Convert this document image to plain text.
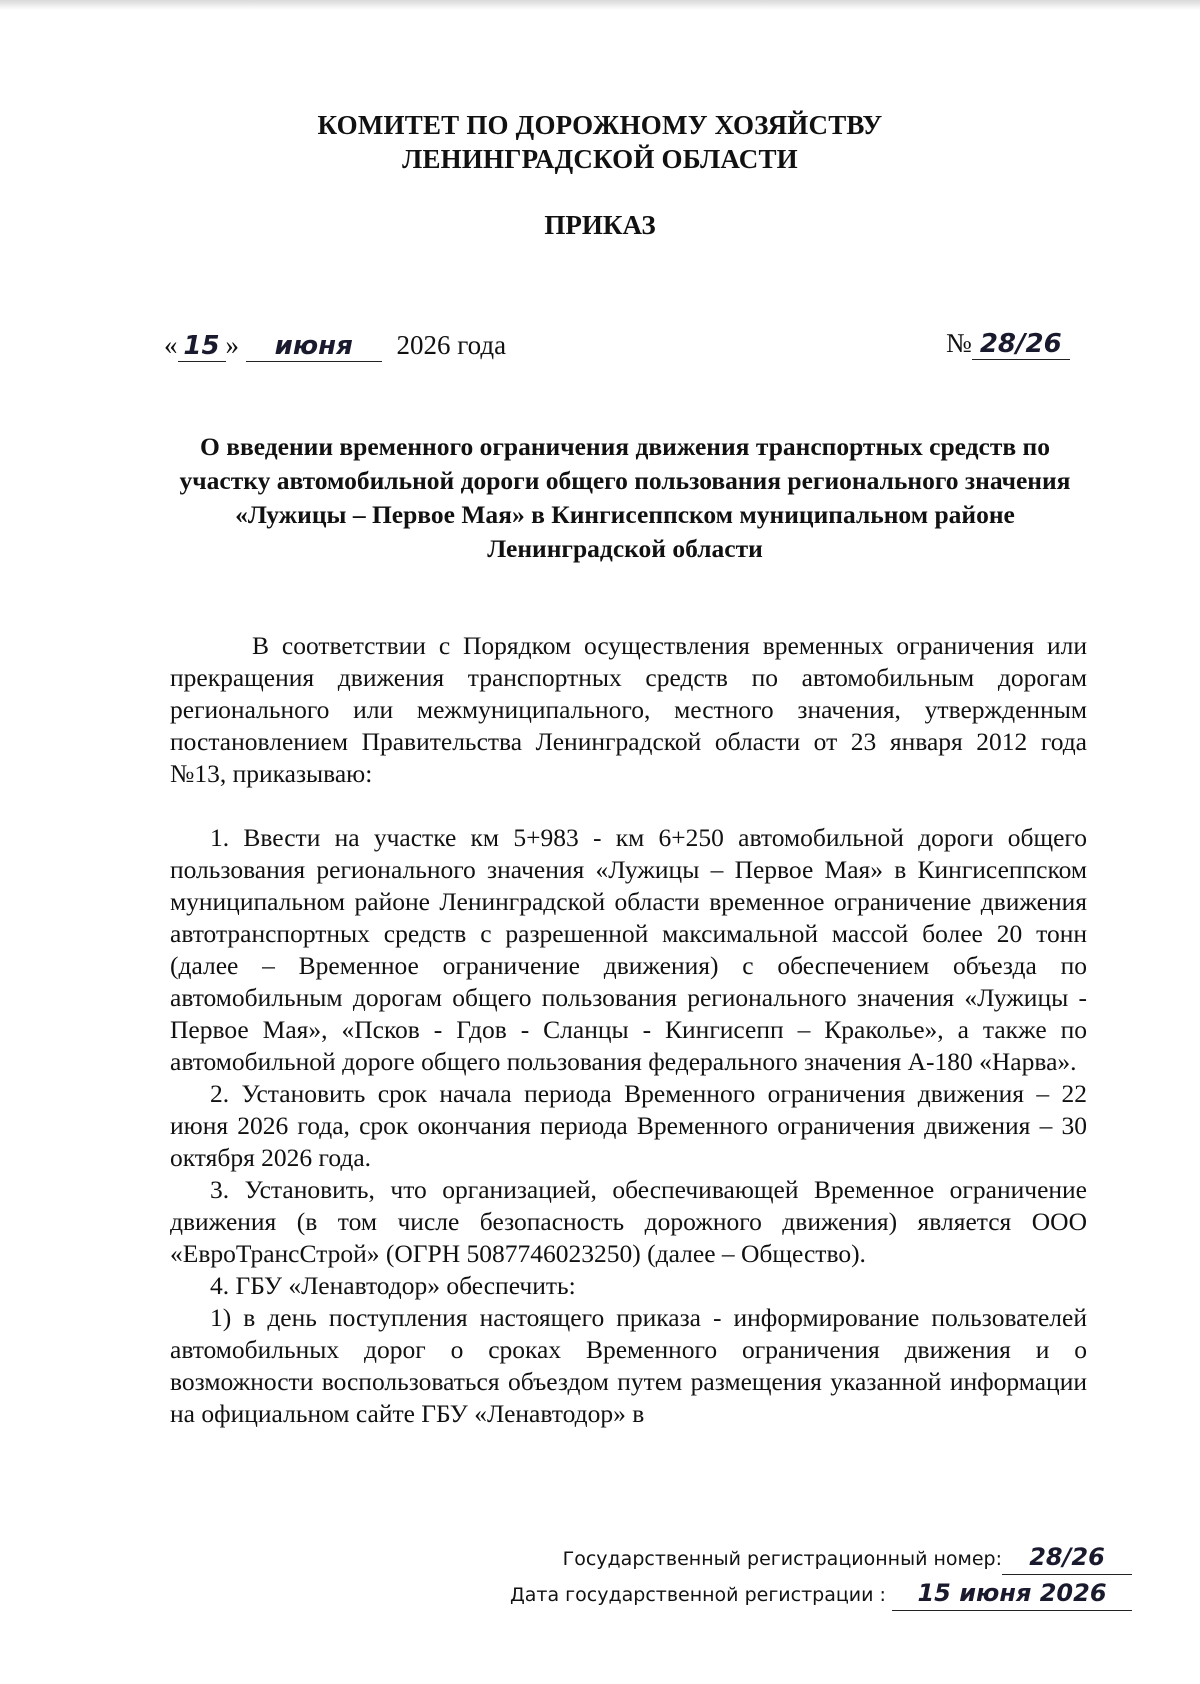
КОМИТЕТ ПО ДОРОЖНОМУ ХОЗЯЙСТВУ
ЛЕНИНГРАДСКОЙ ОБЛАСТИ
ПРИКАЗ
« 15 » июня 2026 года	№ 28/26
О введении временного ограничения движения транспортных средств по участку автомобильной дороги общего пользования регионального значения «Лужицы – Первое Мая» в Кингисеппском муниципальном районе Ленинградской области
В соответствии с Порядком осуществления временных ограничения или прекращения движения транспортных средств по автомобильным дорогам регионального или межмуниципального, местного значения, утвержденным постановлением Правительства Ленинградской области от 23 января 2012 года №13, приказываю:

1. Ввести на участке км 5+983 - км 6+250 автомобильной дороги общего пользования регионального значения «Лужицы – Первое Мая» в Кингисеппском муниципальном районе Ленинградской области временное ограничение движения автотранспортных средств с разрешенной максимальной массой более 20 тонн (далее – Временное ограничение движения) с обеспечением объезда по автомобильным дорогам общего пользования регионального значения «Лужицы - Первое Мая», «Псков - Гдов - Сланцы - Кингисепп – Краколье», а также по автомобильной дороге общего пользования федерального значения А-180 «Нарва».

2. Установить срок начала периода Временного ограничения движения – 22 июня 2026 года, срок окончания периода Временного ограничения движения – 30 октября 2026 года.

3. Установить, что организацией, обеспечивающей Временное ограничение движения (в том числе безопасность дорожного движения) является ООО «ЕвроТрансСтрой» (ОГРН 5087746023250) (далее – Общество).

4. ГБУ «Ленавтодор» обеспечить:

1) в день поступления настоящего приказа - информирование пользователей автомобильных дорог о сроках Временного ограничения движения и о возможности воспользоваться объездом путем размещения указанной информации на официальном сайте ГБУ «Ленавтодор» в

Государственный регистрационный номер: 28/26
Дата государственной регистрации : 15 июня 2026
